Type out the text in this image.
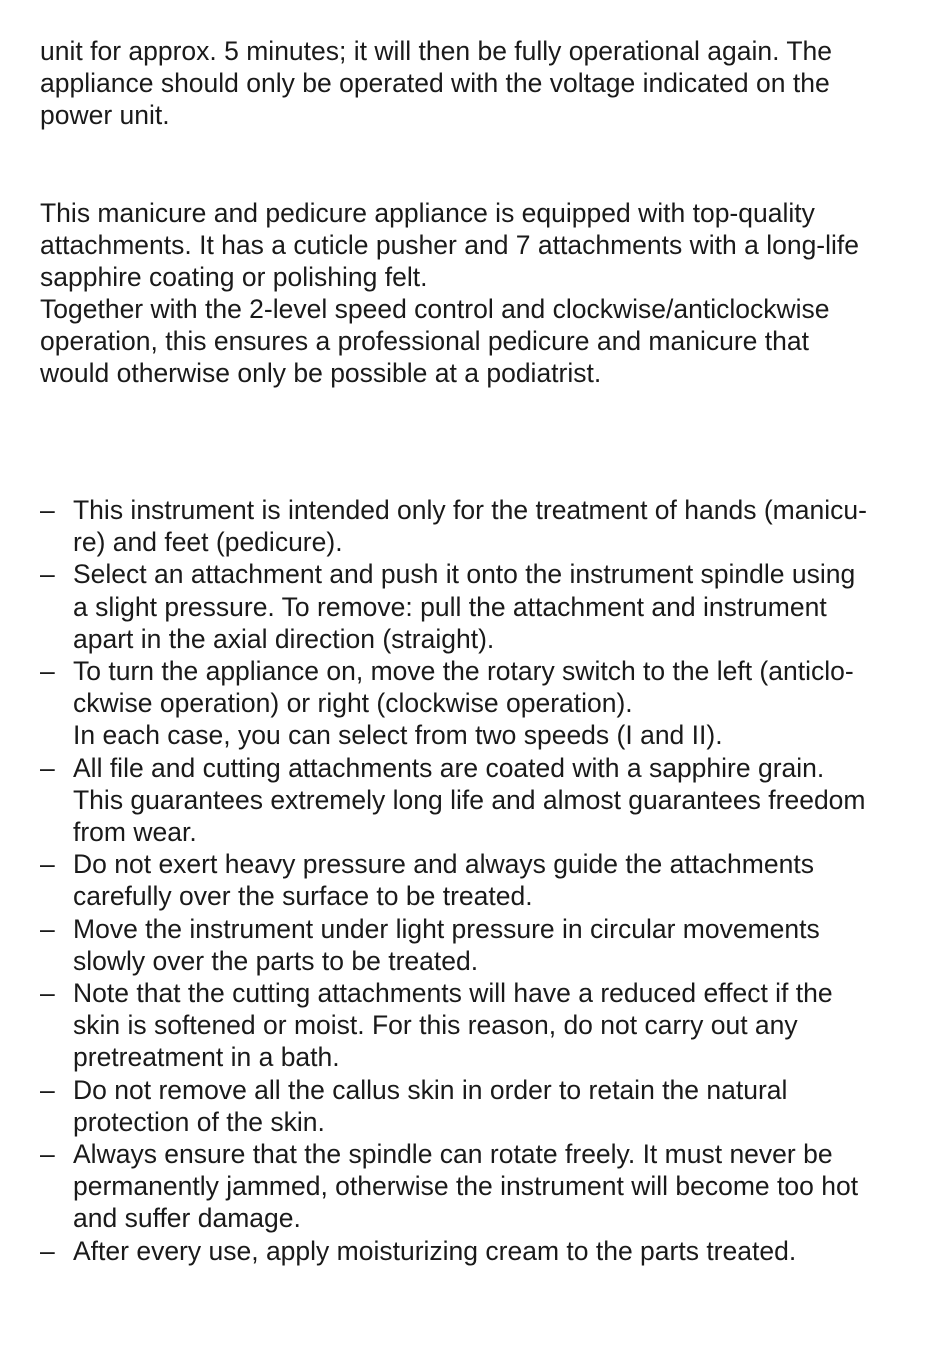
unit for approx. 5 minutes; it will then be fully operational again. The
appliance should only be operated with the voltage indicated on the
power unit.

This manicure and pedicure appliance is equipped with top-quality
attachments. It has a cuticle pusher and 7 attachments with a long-life
sapphire coating or polishing felt.

Together with the 2-level speed control and clockwise/anticlockwise
operation, this ensures a professional pedicure and manicure that
would otherwise only be possible at a podiatrist.

– This instrument is intended only for the treatment of hands (manicu-
re) and feet (pedicure).
– Select an attachment and push it onto the instrument spindle using
a slight pressure. To remove: pull the attachment and instrument
apart in the axial direction (straight).
– To turn the appliance on, move the rotary switch to the left (anticlo-
ckwise operation) or right (clockwise operation).
In each case, you can select from two speeds (I and II).
– All file and cutting attachments are coated with a sapphire grain.
This guarantees extremely long life and almost guarantees freedom
from wear.
– Do not exert heavy pressure and always guide the attachments
carefully over the surface to be treated.
– Move the instrument under light pressure in circular movements
slowly over the parts to be treated.
– Note that the cutting attachments will have a reduced effect if the
skin is softened or moist. For this reason, do not carry out any
pretreatment in a bath.
– Do not remove all the callus skin in order to retain the natural
protection of the skin.
– Always ensure that the spindle can rotate freely. It must never be
permanently jammed, otherwise the instrument will become too hot
and suffer damage.
– After every use, apply moisturizing cream to the parts treated.
